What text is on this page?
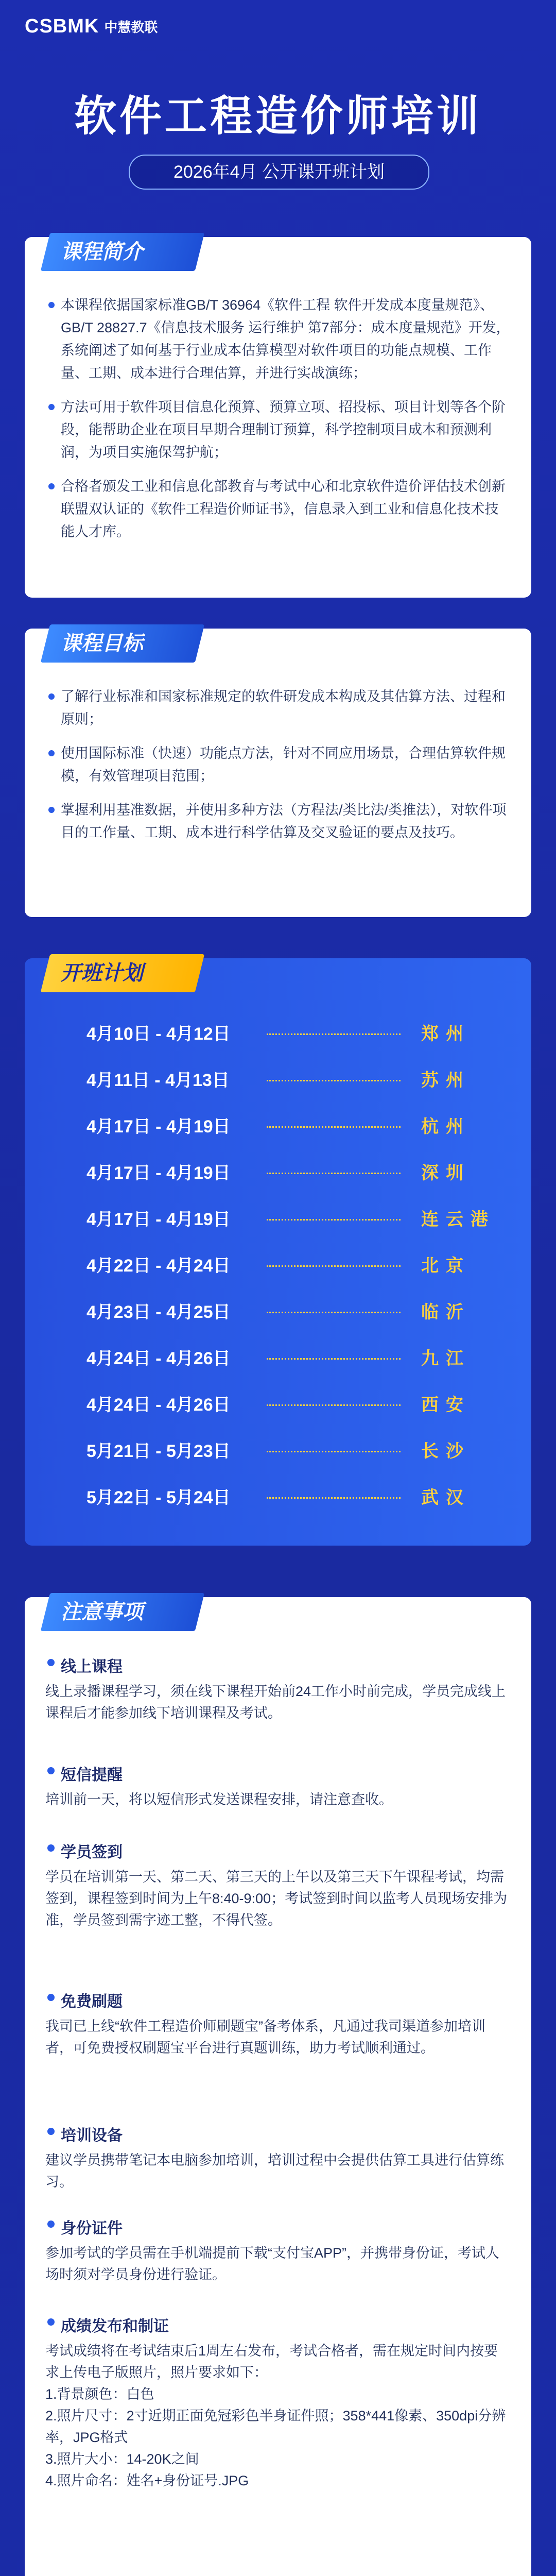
CSBMK 中慧教联
软件工程造价师培训
2026年4月 公开课开班计划
课程简介
本课程依据国家标准GB/T 36964《软件工程 软件开发成本度量规范》、GB/T 28827.7《信息技术服务 运行维护 第7部分：成本度量规范》开发，系统阐述了如何基于行业成本估算模型对软件项目的功能点规模、工作量、工期、成本进行合理估算，并进行实战演练；
方法可用于软件项目信息化预算、预算立项、招投标、项目计划等各个阶段，能帮助企业在项目早期合理制订预算，科学控制项目成本和预测利润，为项目实施保驾护航；
合格者颁发工业和信息化部教育与考试中心和北京软件造价评估技术创新联盟双认证的《软件工程造价师证书》，信息录入到工业和信息化技术技能人才库。
课程目标
了解行业标准和国家标准规定的软件研发成本构成及其估算方法、过程和原则；
使用国际标准（快速）功能点方法，针对不同应用场景，合理估算软件规模，有效管理项目范围；
掌握利用基准数据，并使用多种方法（方程法/类比法/类推法），对软件项目的工作量、工期、成本进行科学估算及交叉验证的要点及技巧。
开班计划
4月10日 - 4月12日	郑州
4月11日 - 4月13日	苏州
4月17日 - 4月19日	杭州
4月17日 - 4月19日	深圳
4月17日 - 4月19日	连云港
4月22日 - 4月24日	北京
4月23日 - 4月25日	临沂
4月24日 - 4月26日	九江
4月24日 - 4月26日	西安
5月21日 - 5月23日	长沙
5月22日 - 5月24日	武汉
注意事项
线上课程
线上录播课程学习，须在线下课程开始前24工作小时前完成，学员完成线上课程后才能参加线下培训课程及考试。
短信提醒
培训前一天，将以短信形式发送课程安排，请注意查收。
学员签到
学员在培训第一天、第二天、第三天的上午以及第三天下午课程考试，均需签到，课程签到时间为上午8:40-9:00；考试签到时间以监考人员现场安排为准，学员签到需字迹工整，不得代签。
免费刷题
我司已上线“软件工程造价师刷题宝”备考体系，凡通过我司渠道参加培训者，可免费授权刷题宝平台进行真题训练，助力考试顺利通过。
培训设备
建议学员携带笔记本电脑参加培训，培训过程中会提供估算工具进行估算练习。
身份证件
参加考试的学员需在手机端提前下载“支付宝APP”，并携带身份证，考试人场时须对学员身份进行验证。
成绩发布和制证
考试成绩将在考试结束后1周左右发布，考试合格者，需在规定时间内按要求上传电子版照片，照片要求如下：
1.背景颜色：白色
2.照片尺寸：2寸近期正面免冠彩色半身证件照；358*441像素、350dpi分辨率，JPG格式
3.照片大小：14-20K之间
4.照片命名：姓名+身份证号.JPG
